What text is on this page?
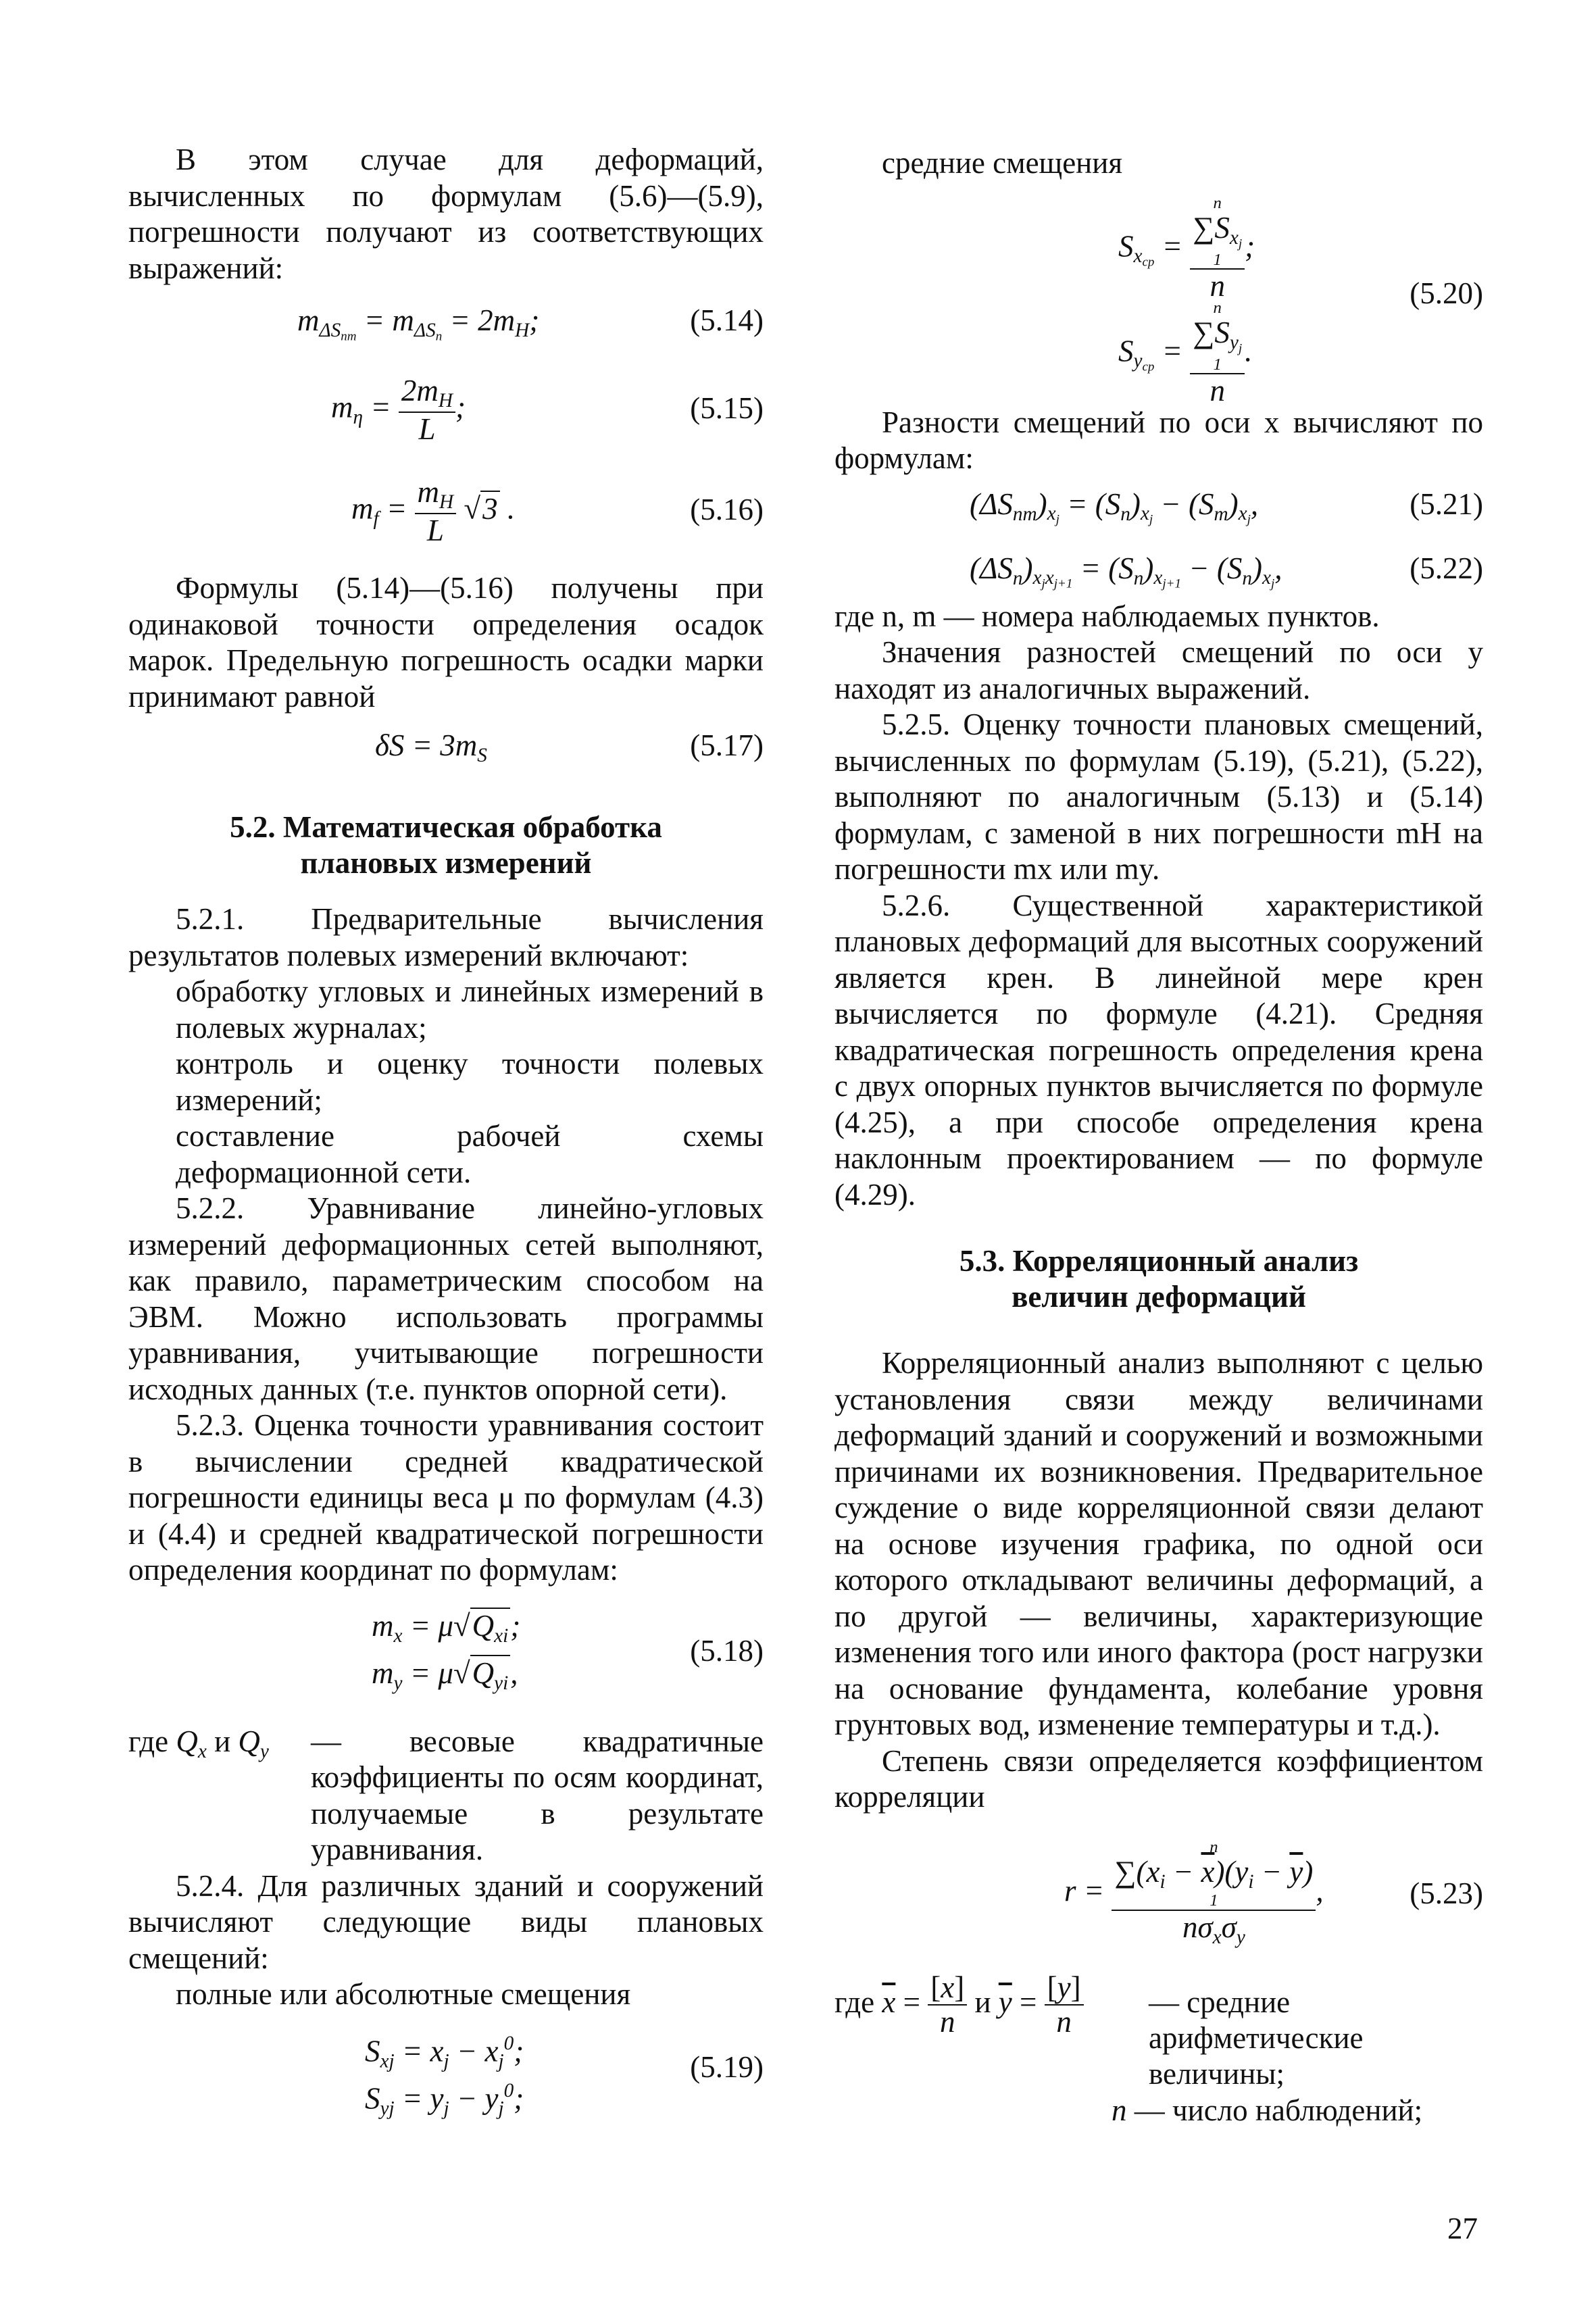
В этом случае для деформаций, вычисленных по формулам (5.6)—(5.9), погрешности получают из соответствующих выражений:

$m_{\Delta S_{nm}} = m_{\Delta S_n} = 2m_H$;	(5.14)
$m_\eta = \frac{2m_H}{L}$ ;	(5.15)
$m_f = \frac{m_H}{L} √3$ .	(5.16)

Формулы (5.14)—(5.16) получены при одинаковой точности определения осадок марок. Предельную погрешность осадки марки принимают равной

$\delta S = 3m_S$	(5.17)

5.2. Математическая обработка

плановых измерений

5.2.1. Предварительные вычисления результатов полевых измерений включают:

обработку угловых и линейных измерений в полевых журналах;

контроль и оценку точности полевых измерений;

составление рабочей схемы деформационной сети.

5.2.2. Уравнивание линейно-угловых измерений деформационных сетей выполняют, как правило, параметрическим способом на ЭВМ. Можно использовать программы уравнивания, учитывающие погрешности исходных данных (т.е. пунктов опорной сети).

5.2.3. Оценка точности уравнивания состоит в вычислении средней квадратической погрешности единицы веса μ по формулам (4.3) и (4.4) и средней квадратической погрешности определения координат по формулам:

$m_x = \mu√Q_{xi}$;
$m_y = \mu√Q_{yi}$,
(5.18)
где $Q_x$ и $Q_y$	— весовые квадратичные коэффициенты по осям координат, получаемые в результате уравнивания.

5.2.4. Для различных зданий и сооружений вычисляют следующие виды плановых смещений:

полные или абсолютные смещения

$S_{xj} = x_j - x_j^0$;
$S_{yj} = y_j - y_j^0$;
(5.19)

средние смещения

$S_{x_{ср}} = n$
$\sum S_{x_j}$
1
n ;
$S_{y_{ср}} = n$
$\sum S_{y_j}$
1
n .
(5.20)

Разности смещений по оси x вычисляют по формулам:

$(\Delta S_{nm})_{x_j} = (S_n)_{x_j} - (S_m)_{x_j}$,	(5.21)
$(\Delta S_n)_{x_jx_{j+1}} = (S_n)_{x_{j+1}} - (S_n)_{x_j}$,	(5.22)

где n, m — номера наблюдаемых пунктов.

Значения разностей смещений по оси y находят из аналогичных выражений.

5.2.5. Оценку точности плановых смещений, вычисленных по формулам (5.19), (5.21), (5.22), выполняют по аналогичным (5.13) и (5.14) формулам, с заменой в них погрешности mH на погрешности mx или my.

5.2.6. Существенной характеристикой плановых деформаций для высотных сооружений является крен. В линейной мере крен вычисляется по формуле (4.21). Средняя квадратическая погрешность определения крена с двух опорных пунктов вычисляется по формуле (4.25), а при способе определения крена наклонным проектированием — по формуле (4.29).

5.3. Корреляционный анализ

величин деформаций

Корреляционный анализ выполняют с целью установления связи между величинами деформаций зданий и сооружений и возможными причинами их возникновения. Предварительное суждение о виде корреляционной связи делают на основе изучения графика, по одной оси которого откладывают величины деформаций, а по другой — величины, характеризующие изменения того или иного фактора (рост нагрузки на основание фундамента, колебание уровня грунтовых вод, изменение температуры и т.д.).

Степень связи определяется коэффициентом корреляции

r = n
$\sum(x_i - \overline{x})(y_i - \overline{y})$
1
$n\sigma_x\sigma_y$ ,	(5.23)
где $\overline{x} = \frac{[x]}{n}$ и $\overline{y} = \frac{[y]}{n}$ — средние арифметические величины;
n — число наблюдений;
27
